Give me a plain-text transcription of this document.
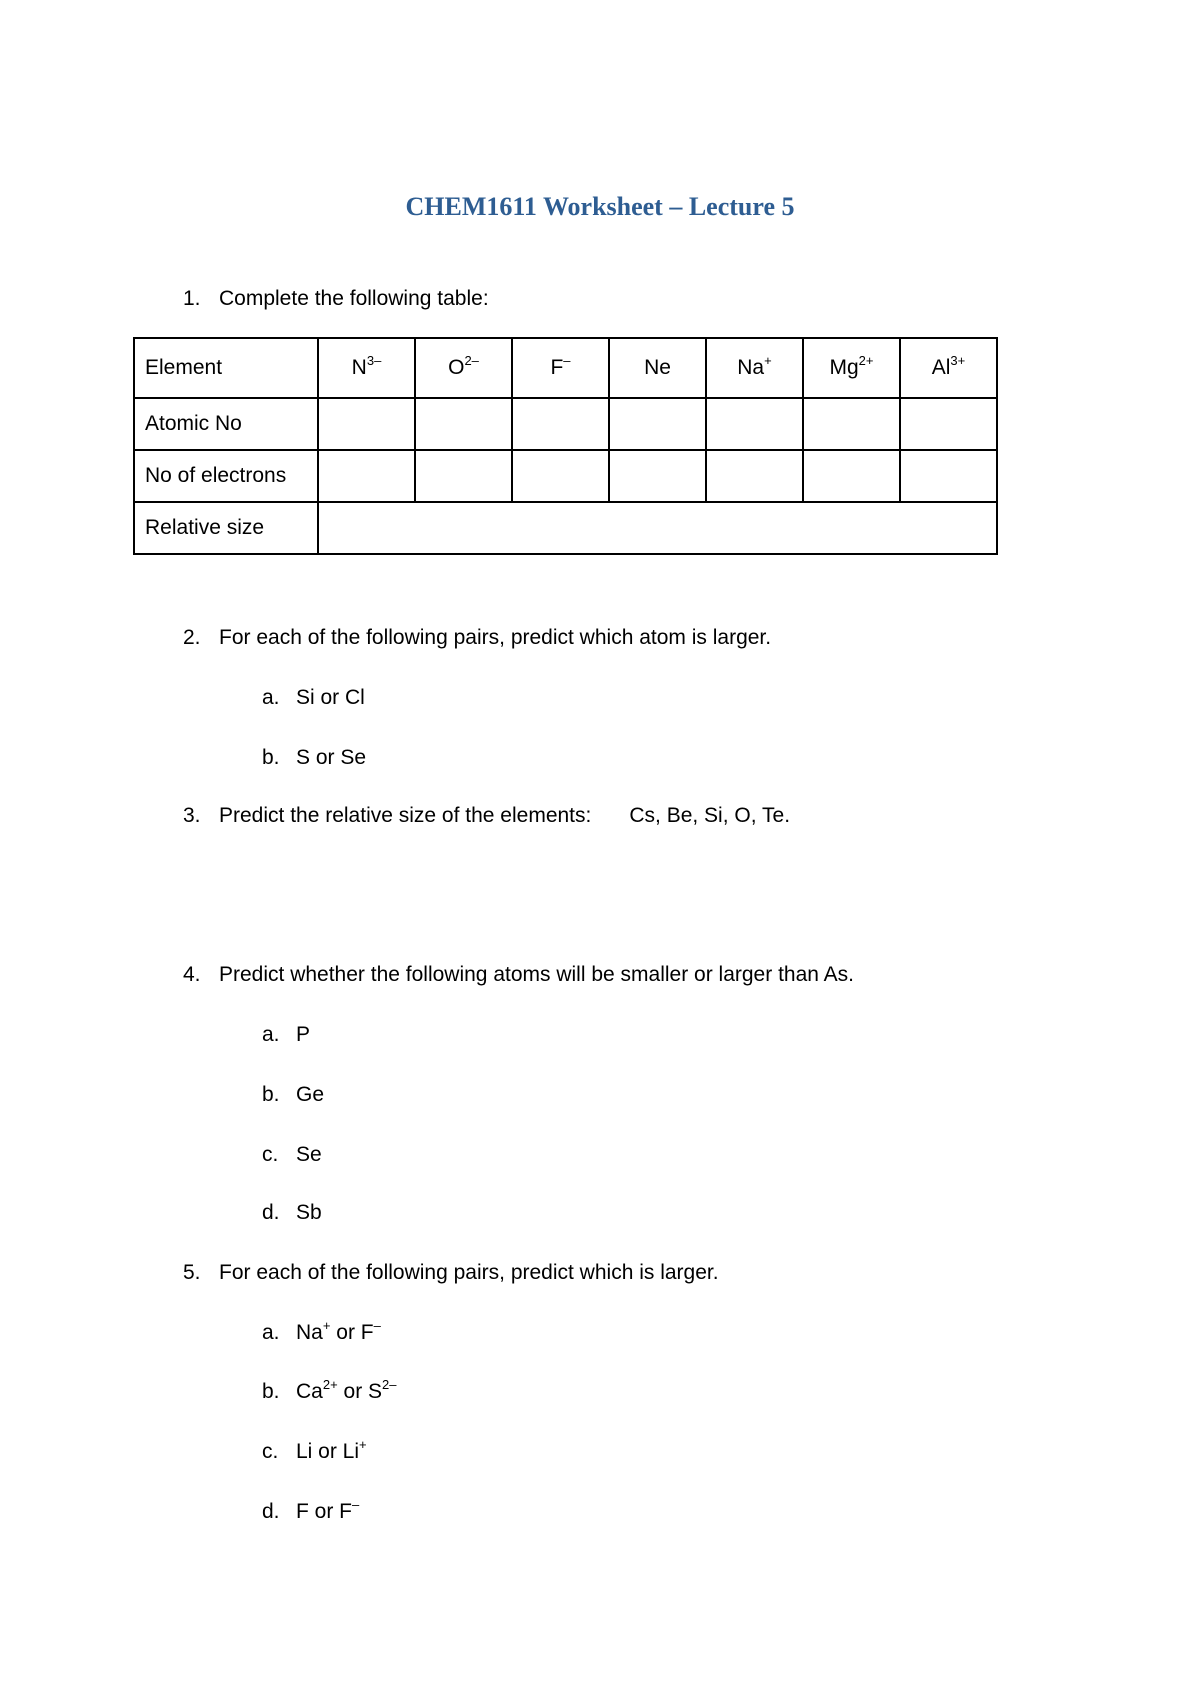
CHEM1611 Worksheet – Lecture 5
1. Complete the following table:
Element	$N^{3-}$	$O^{2-}$	F–	Ne	Na+	$Mg^{2+}$	$Al^{3+}$
Atomic No							
No of electrons							
Relative size							
2. For each of the following pairs, predict which atom is larger.
a. Si or Cl
b. S or Se
3. Predict the relative size of the elements: Cs, Be, Si, O, Te.
4. Predict whether the following atoms will be smaller or larger than As.
a. P
b. Ge
c. Se
d. Sb
5. For each of the following pairs, predict which is larger.
a. Na+ or F–
b. $Ca^{2+}$ or $S^{2-}$
c. Li or Li+
d. F or F–
